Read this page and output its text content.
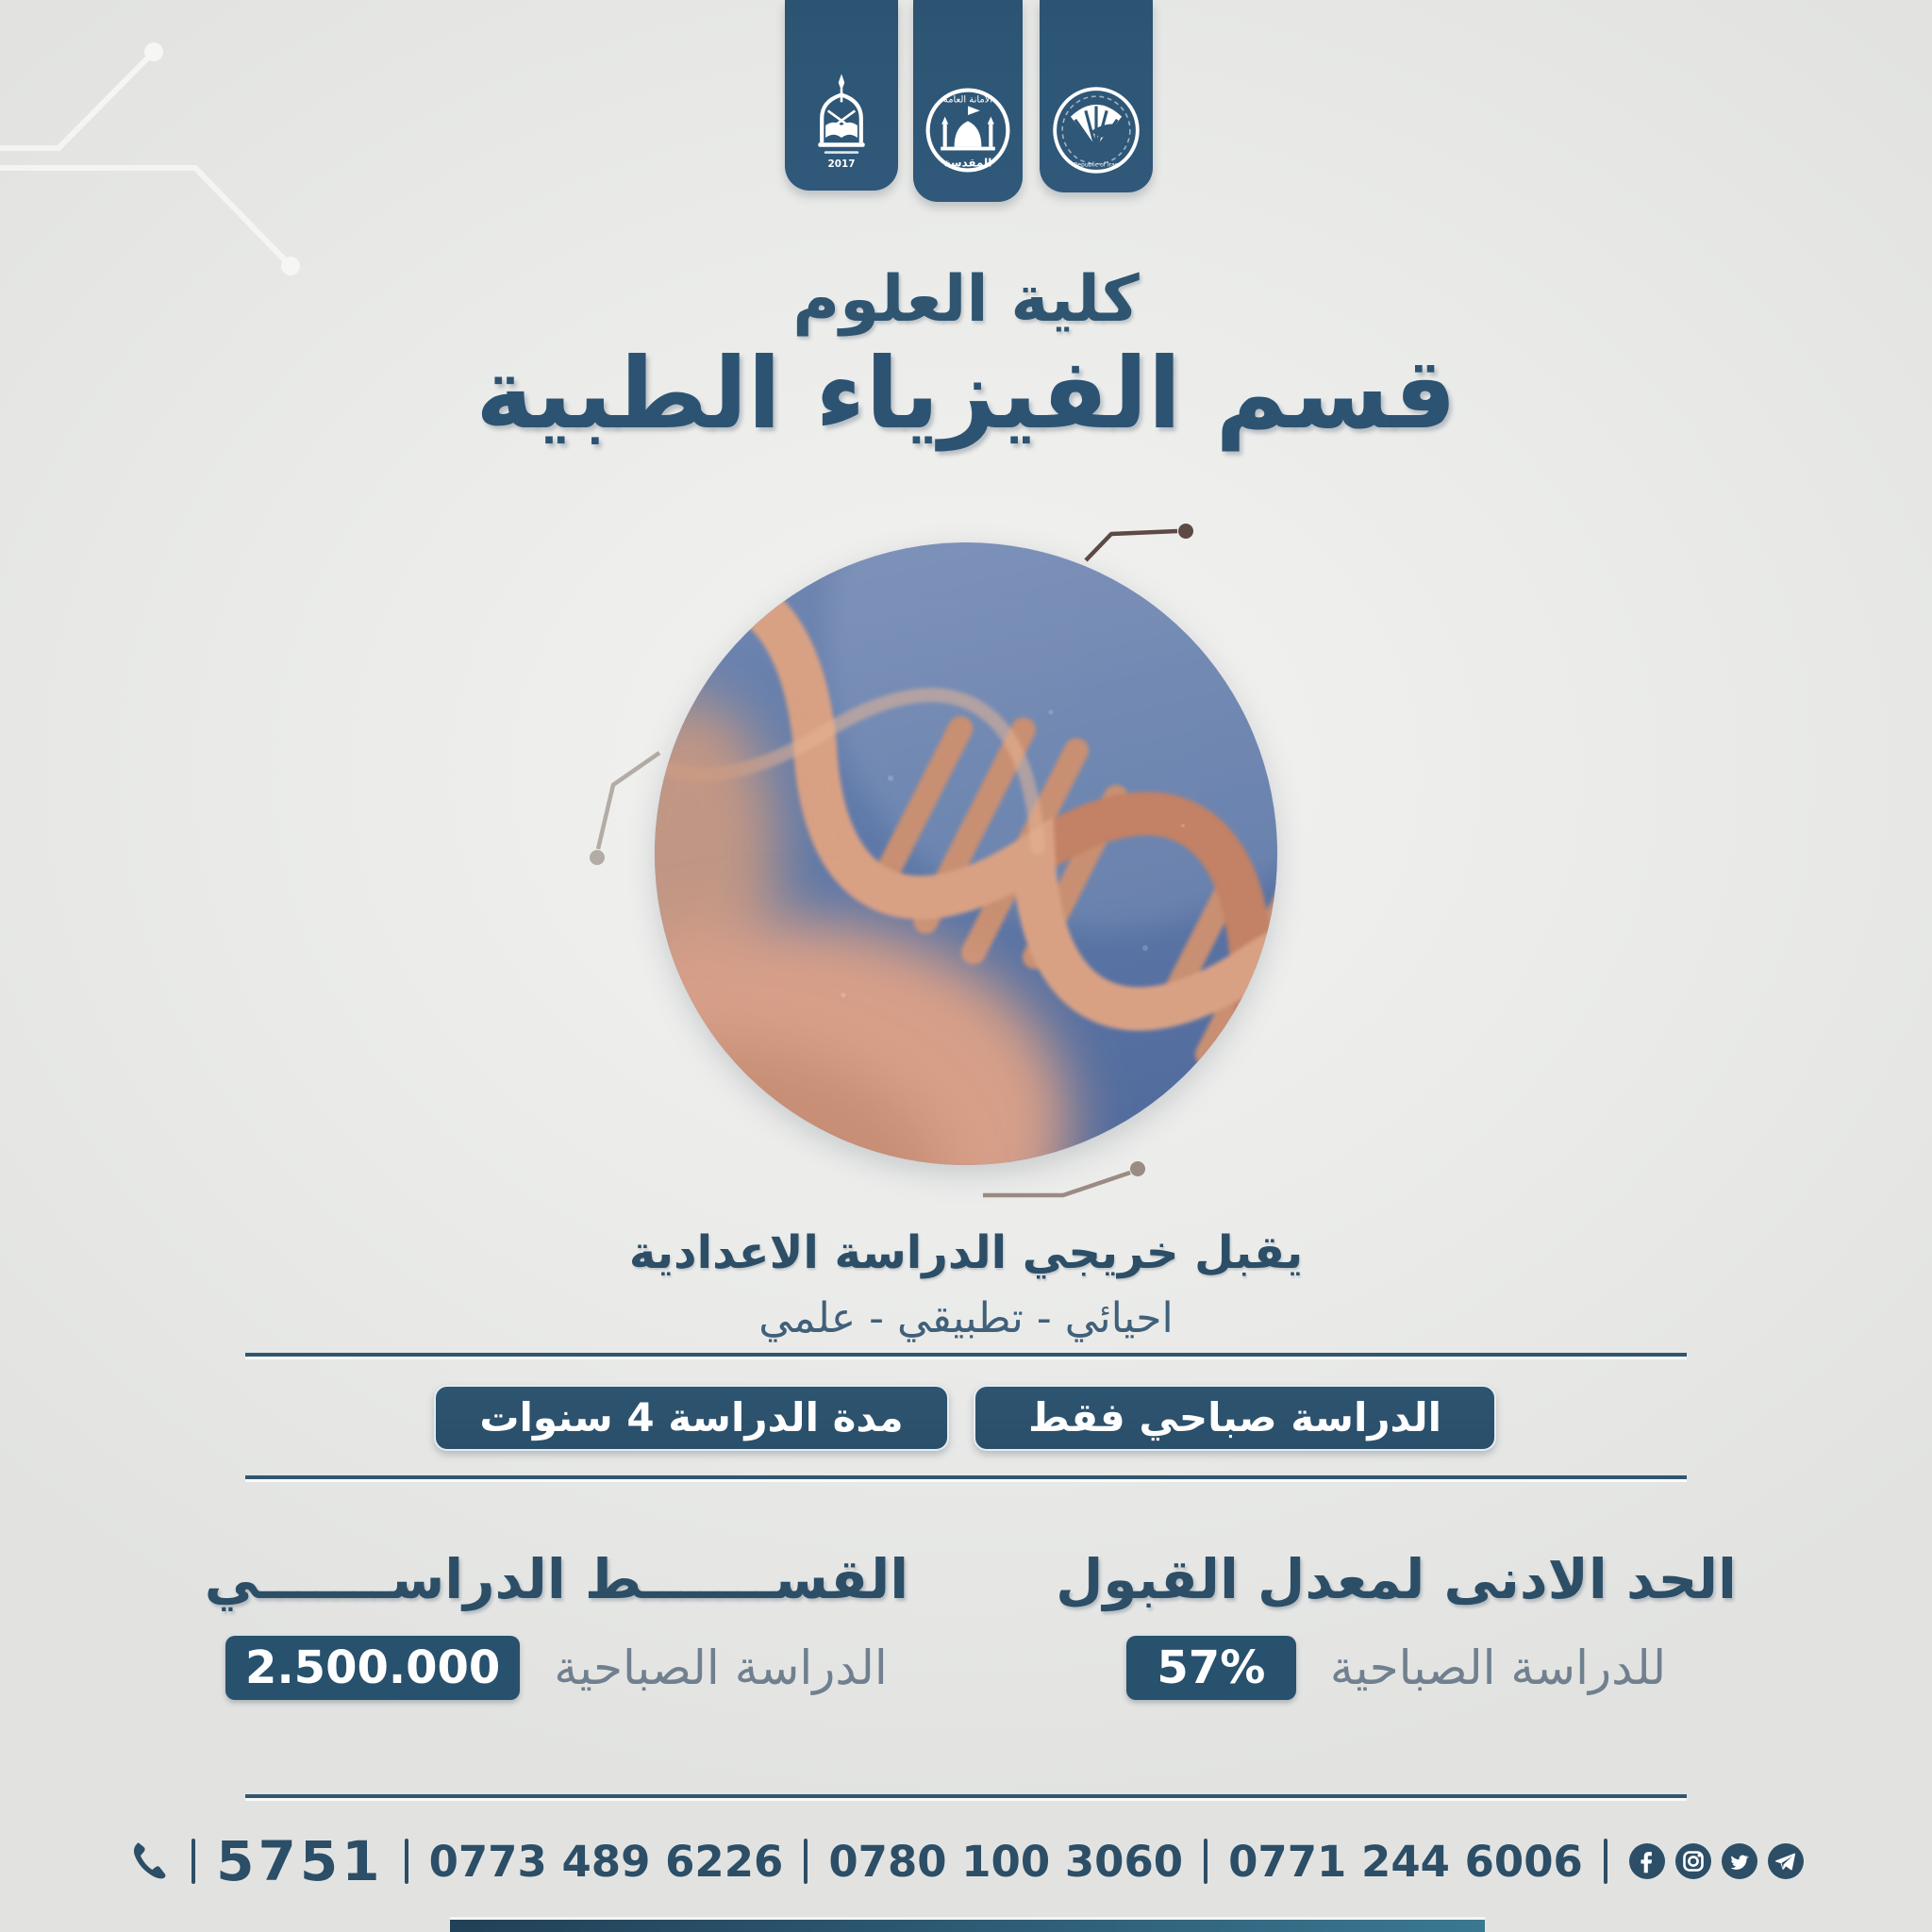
2017
الأمانة العامة
المقدسة	Republic of Iraq
كلية العلوم
قسم الفيزياء الطبية
يقبل خريجي الدراسة الاعدادية
احيائي - تطبيقي - علمي
مدة الدراسة 4 سنوات	الدراسة صباحي فقط
الحد الادنى لمعدل القبول
57%	للدراسة الصباحية
القســـــــط الدراســـــــي
2.500.000	الدراسة الصباحية
5751 0773 489 6226 0780 100 3060 0771 244 6006
